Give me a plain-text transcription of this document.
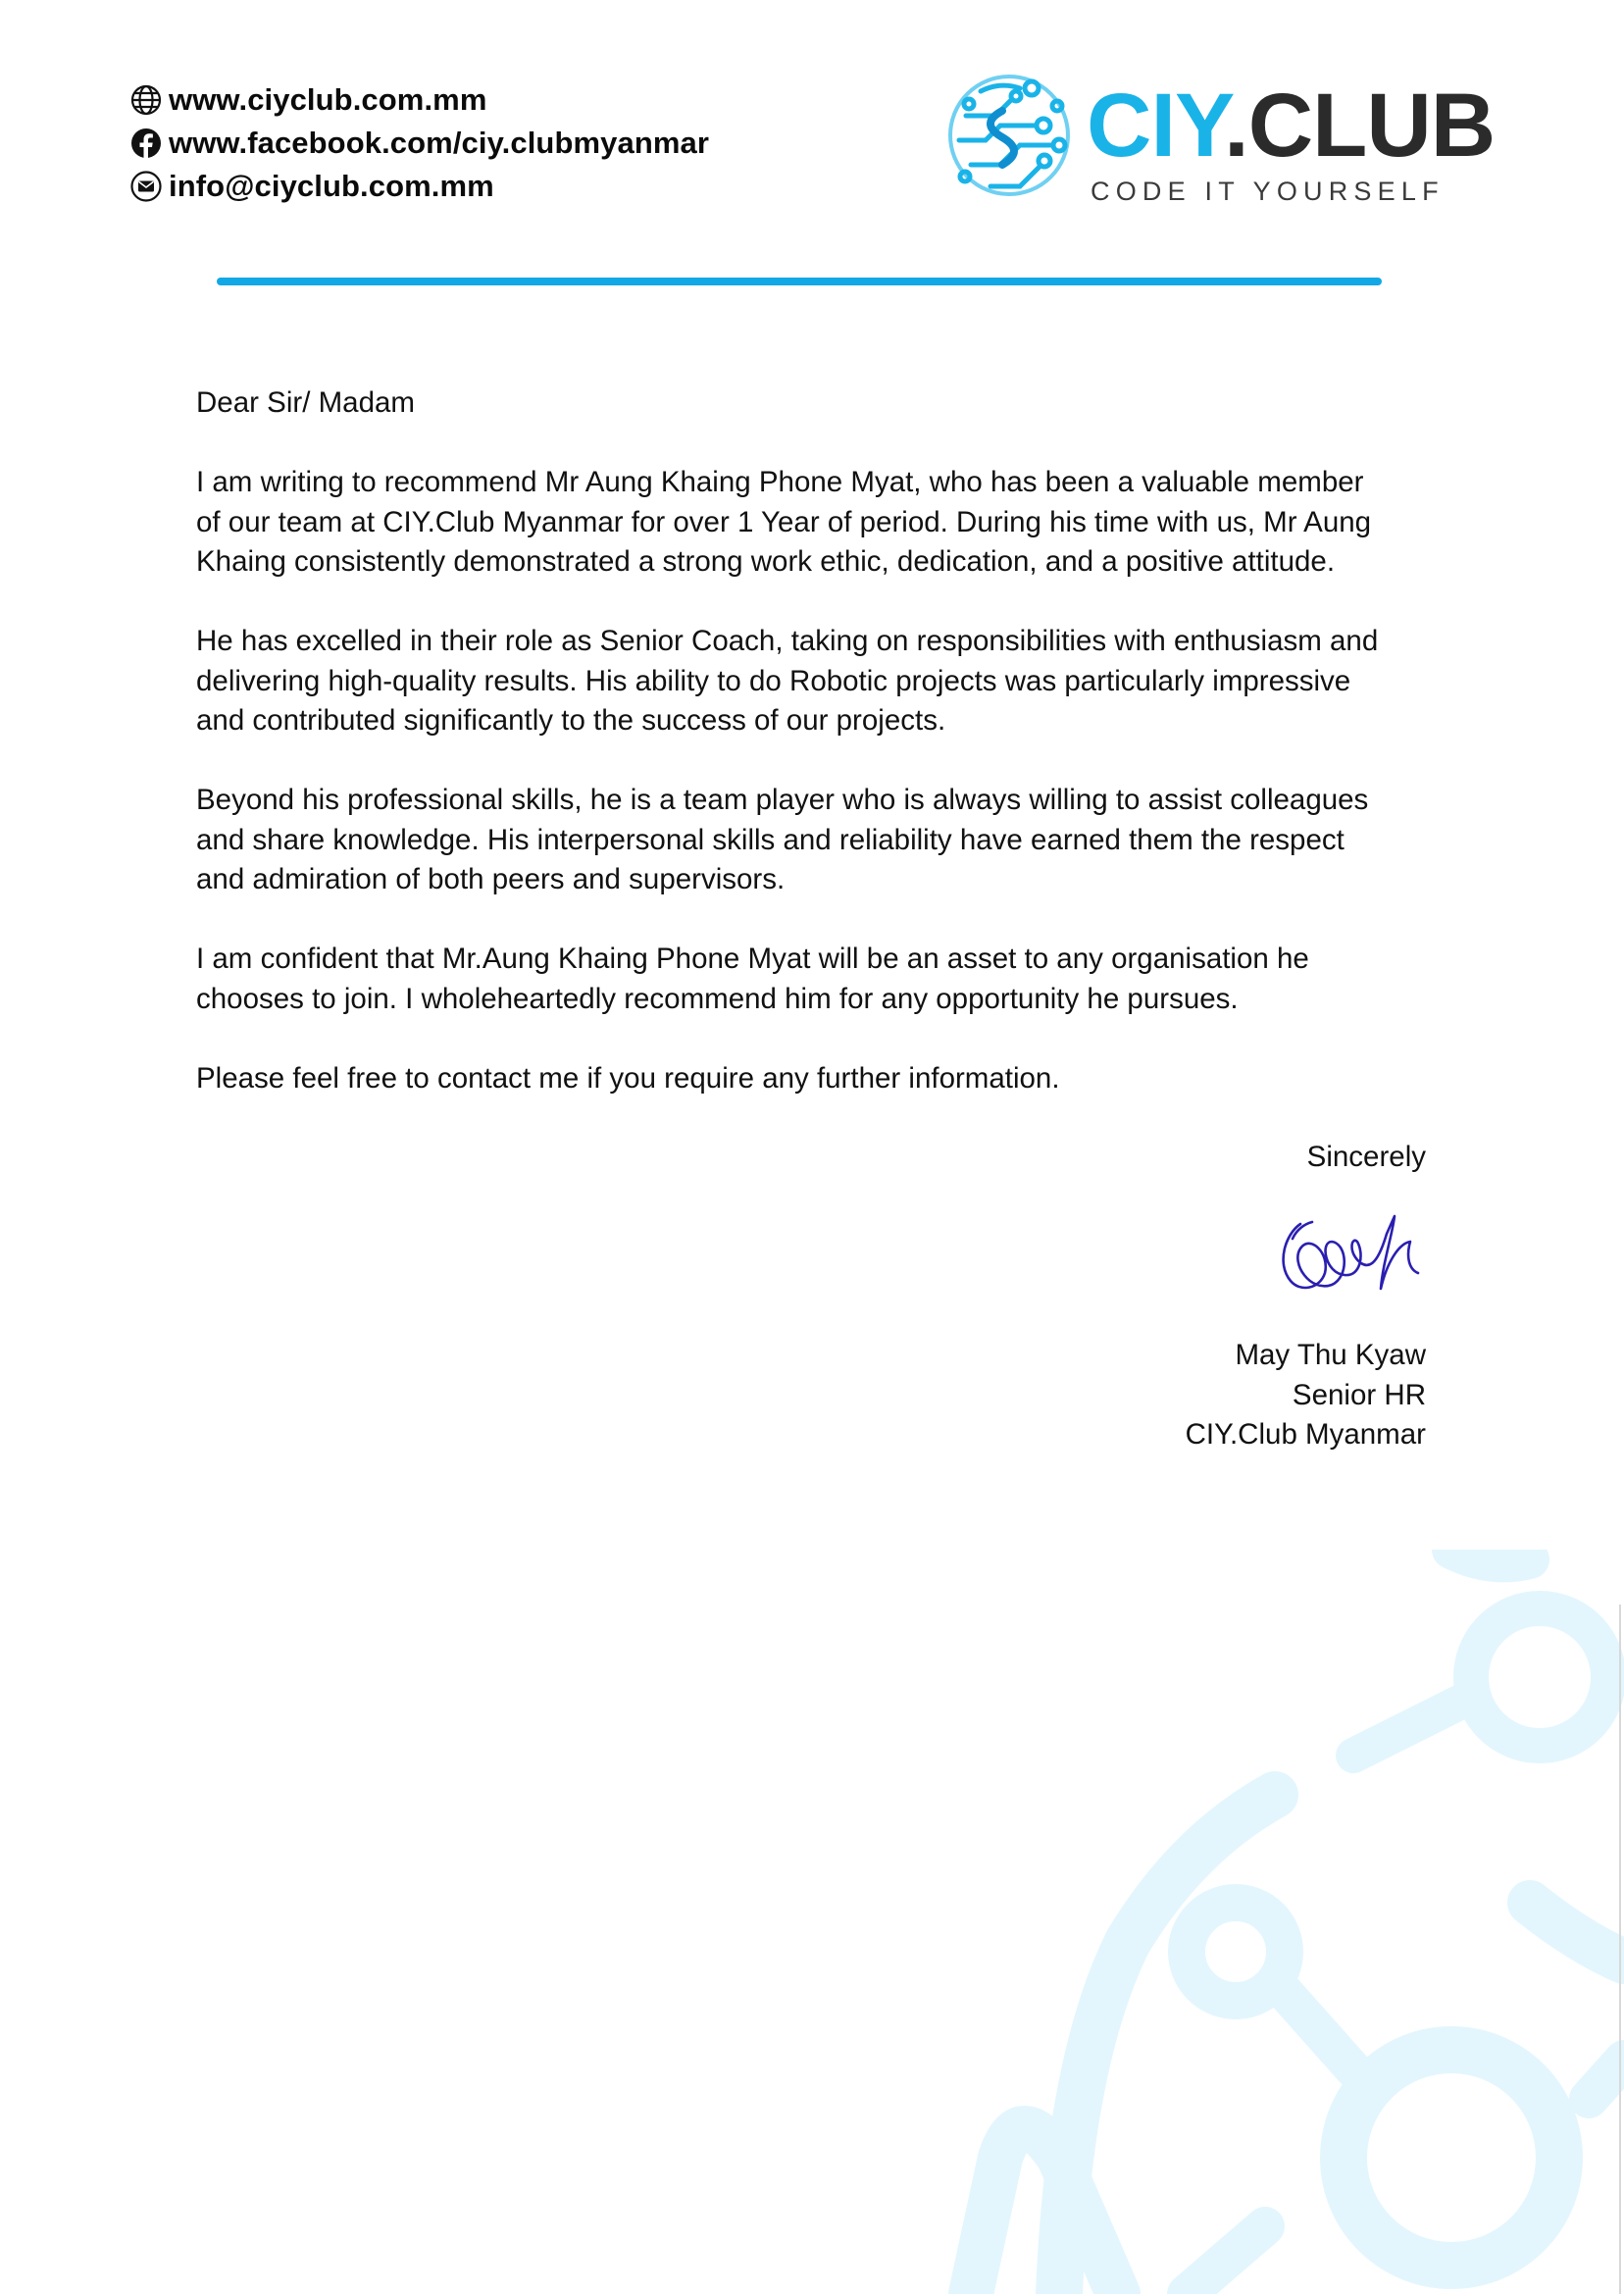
www.ciyclub.com.mm
www.facebook.com/ciy.clubmyanmar
info@ciyclub.com.mm
CIY.CLUB
CODE IT YOURSELF

Dear Sir/ Madam

I am writing to recommend Mr Aung Khaing Phone Myat, who has been a valuable member
of our team at CIY.Club Myanmar for over 1 Year of period. During his time with us, Mr Aung
Khaing consistently demonstrated a strong work ethic, dedication, and a positive attitude.

He has excelled in their role as Senior Coach, taking on responsibilities with enthusiasm and
delivering high-quality results. His ability to do Robotic projects was particularly impressive
and contributed significantly to the success of our projects.

Beyond his professional skills, he is a team player who is always willing to assist colleagues
and share knowledge. His interpersonal skills and reliability have earned them the respect
and admiration of both peers and supervisors.

I am confident that Mr.Aung Khaing Phone Myat will be an asset to any organisation he
chooses to join. I wholeheartedly recommend him for any opportunity he pursues.

Please feel free to contact me if you require any further information.

Sincerely
May Thu Kyaw
Senior HR
CIY.Club Myanmar
